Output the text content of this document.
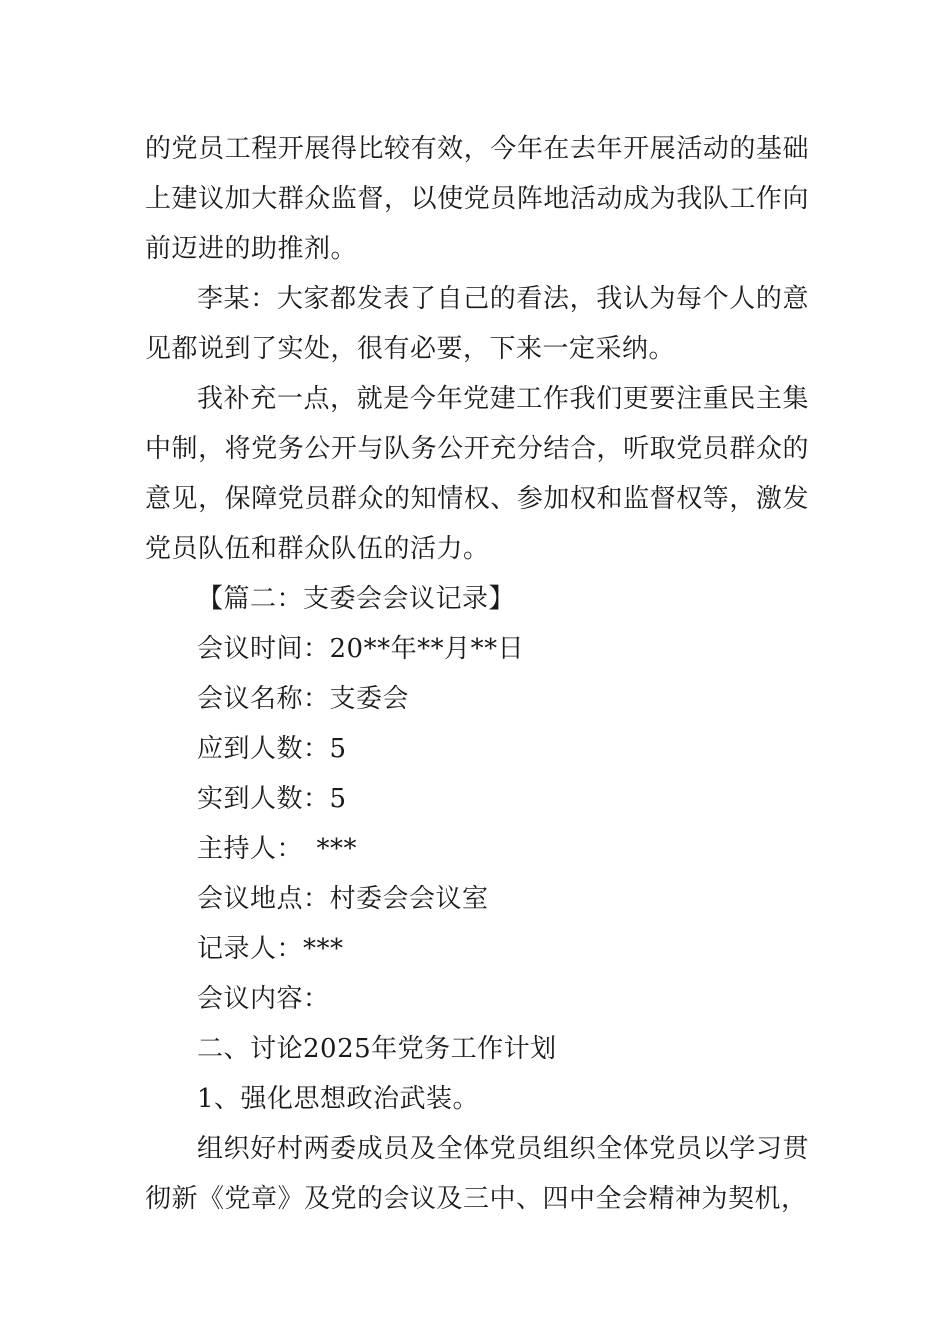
的党员工程开展得比较有效，今年在去年开展活动的基础上建议加大群众监督，以使党员阵地活动成为我队工作向前迈进的助推剂。

李某：大家都发表了自己的看法，我认为每个人的意见都说到了实处，很有必要，下来一定采纳。

我补充一点，就是今年党建工作我们更要注重民主集中制，将党务公开与队务公开充分结合，听取党员群众的意见，保障党员群众的知情权、参加权和监督权等，激发党员队伍和群众队伍的活力。

【篇二：支委会会议记录】

会议时间：20**年**月**日

会议名称：支委会

应到人数：5

实到人数：5

主持人：　***

会议地点：村委会会议室

记录人：***

会议内容：

二、讨论2025年党务工作计划

1、强化思想政治武装。

组织好村两委成员及全体党员组织全体党员以学习贯彻新《党章》及党的会议及三中、四中全会精神为契机，
